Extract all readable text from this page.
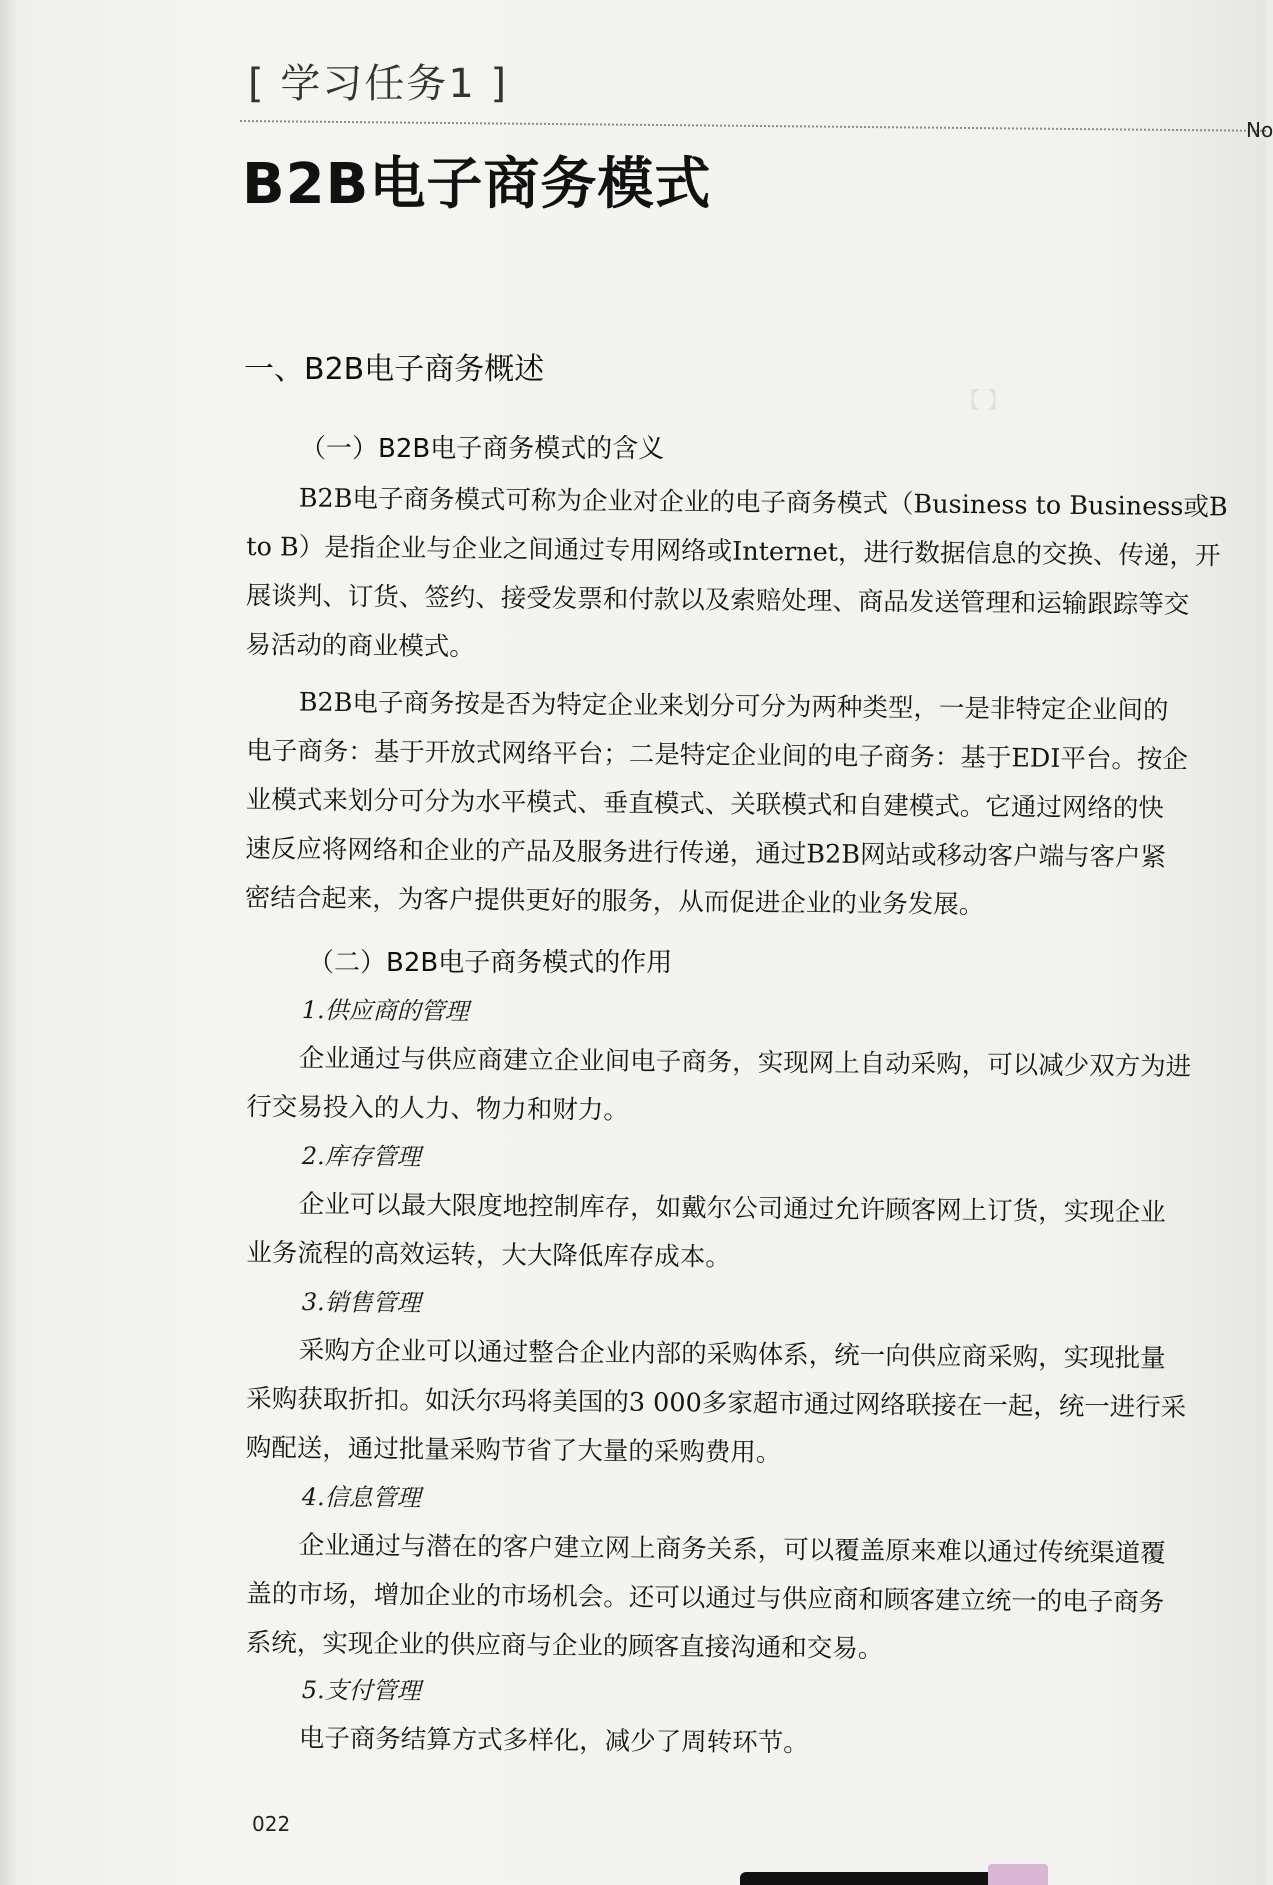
【 】
[ 学习任务1 ]
No
B2B电子商务模式
一、B2B电子商务概述
（一）B2B电子商务模式的含义
B2B电子商务模式可称为企业对企业的电子商务模式（Business to Business或B
to B）是指企业与企业之间通过专用网络或Internet，进行数据信息的交换、传递，开
展谈判、订货、签约、接受发票和付款以及索赔处理、商品发送管理和运输跟踪等交
易活动的商业模式。
B2B电子商务按是否为特定企业来划分可分为两种类型，一是非特定企业间的
电子商务：基于开放式网络平台；二是特定企业间的电子商务：基于EDI平台。按企
业模式来划分可分为水平模式、垂直模式、关联模式和自建模式。它通过网络的快
速反应将网络和企业的产品及服务进行传递，通过B2B网站或移动客户端与客户紧
密结合起来，为客户提供更好的服务，从而促进企业的业务发展。
（二）B2B电子商务模式的作用
1.供应商的管理
企业通过与供应商建立企业间电子商务，实现网上自动采购，可以减少双方为进
行交易投入的人力、物力和财力。
2.库存管理
企业可以最大限度地控制库存，如戴尔公司通过允许顾客网上订货，实现企业
业务流程的高效运转，大大降低库存成本。
3.销售管理
采购方企业可以通过整合企业内部的采购体系，统一向供应商采购，实现批量
采购获取折扣。如沃尔玛将美国的3 000多家超市通过网络联接在一起，统一进行采
购配送，通过批量采购节省了大量的采购费用。
4.信息管理
企业通过与潜在的客户建立网上商务关系，可以覆盖原来难以通过传统渠道覆
盖的市场，增加企业的市场机会。还可以通过与供应商和顾客建立统一的电子商务
系统，实现企业的供应商与企业的顾客直接沟通和交易。
5.支付管理
电子商务结算方式多样化，减少了周转环节。
022
